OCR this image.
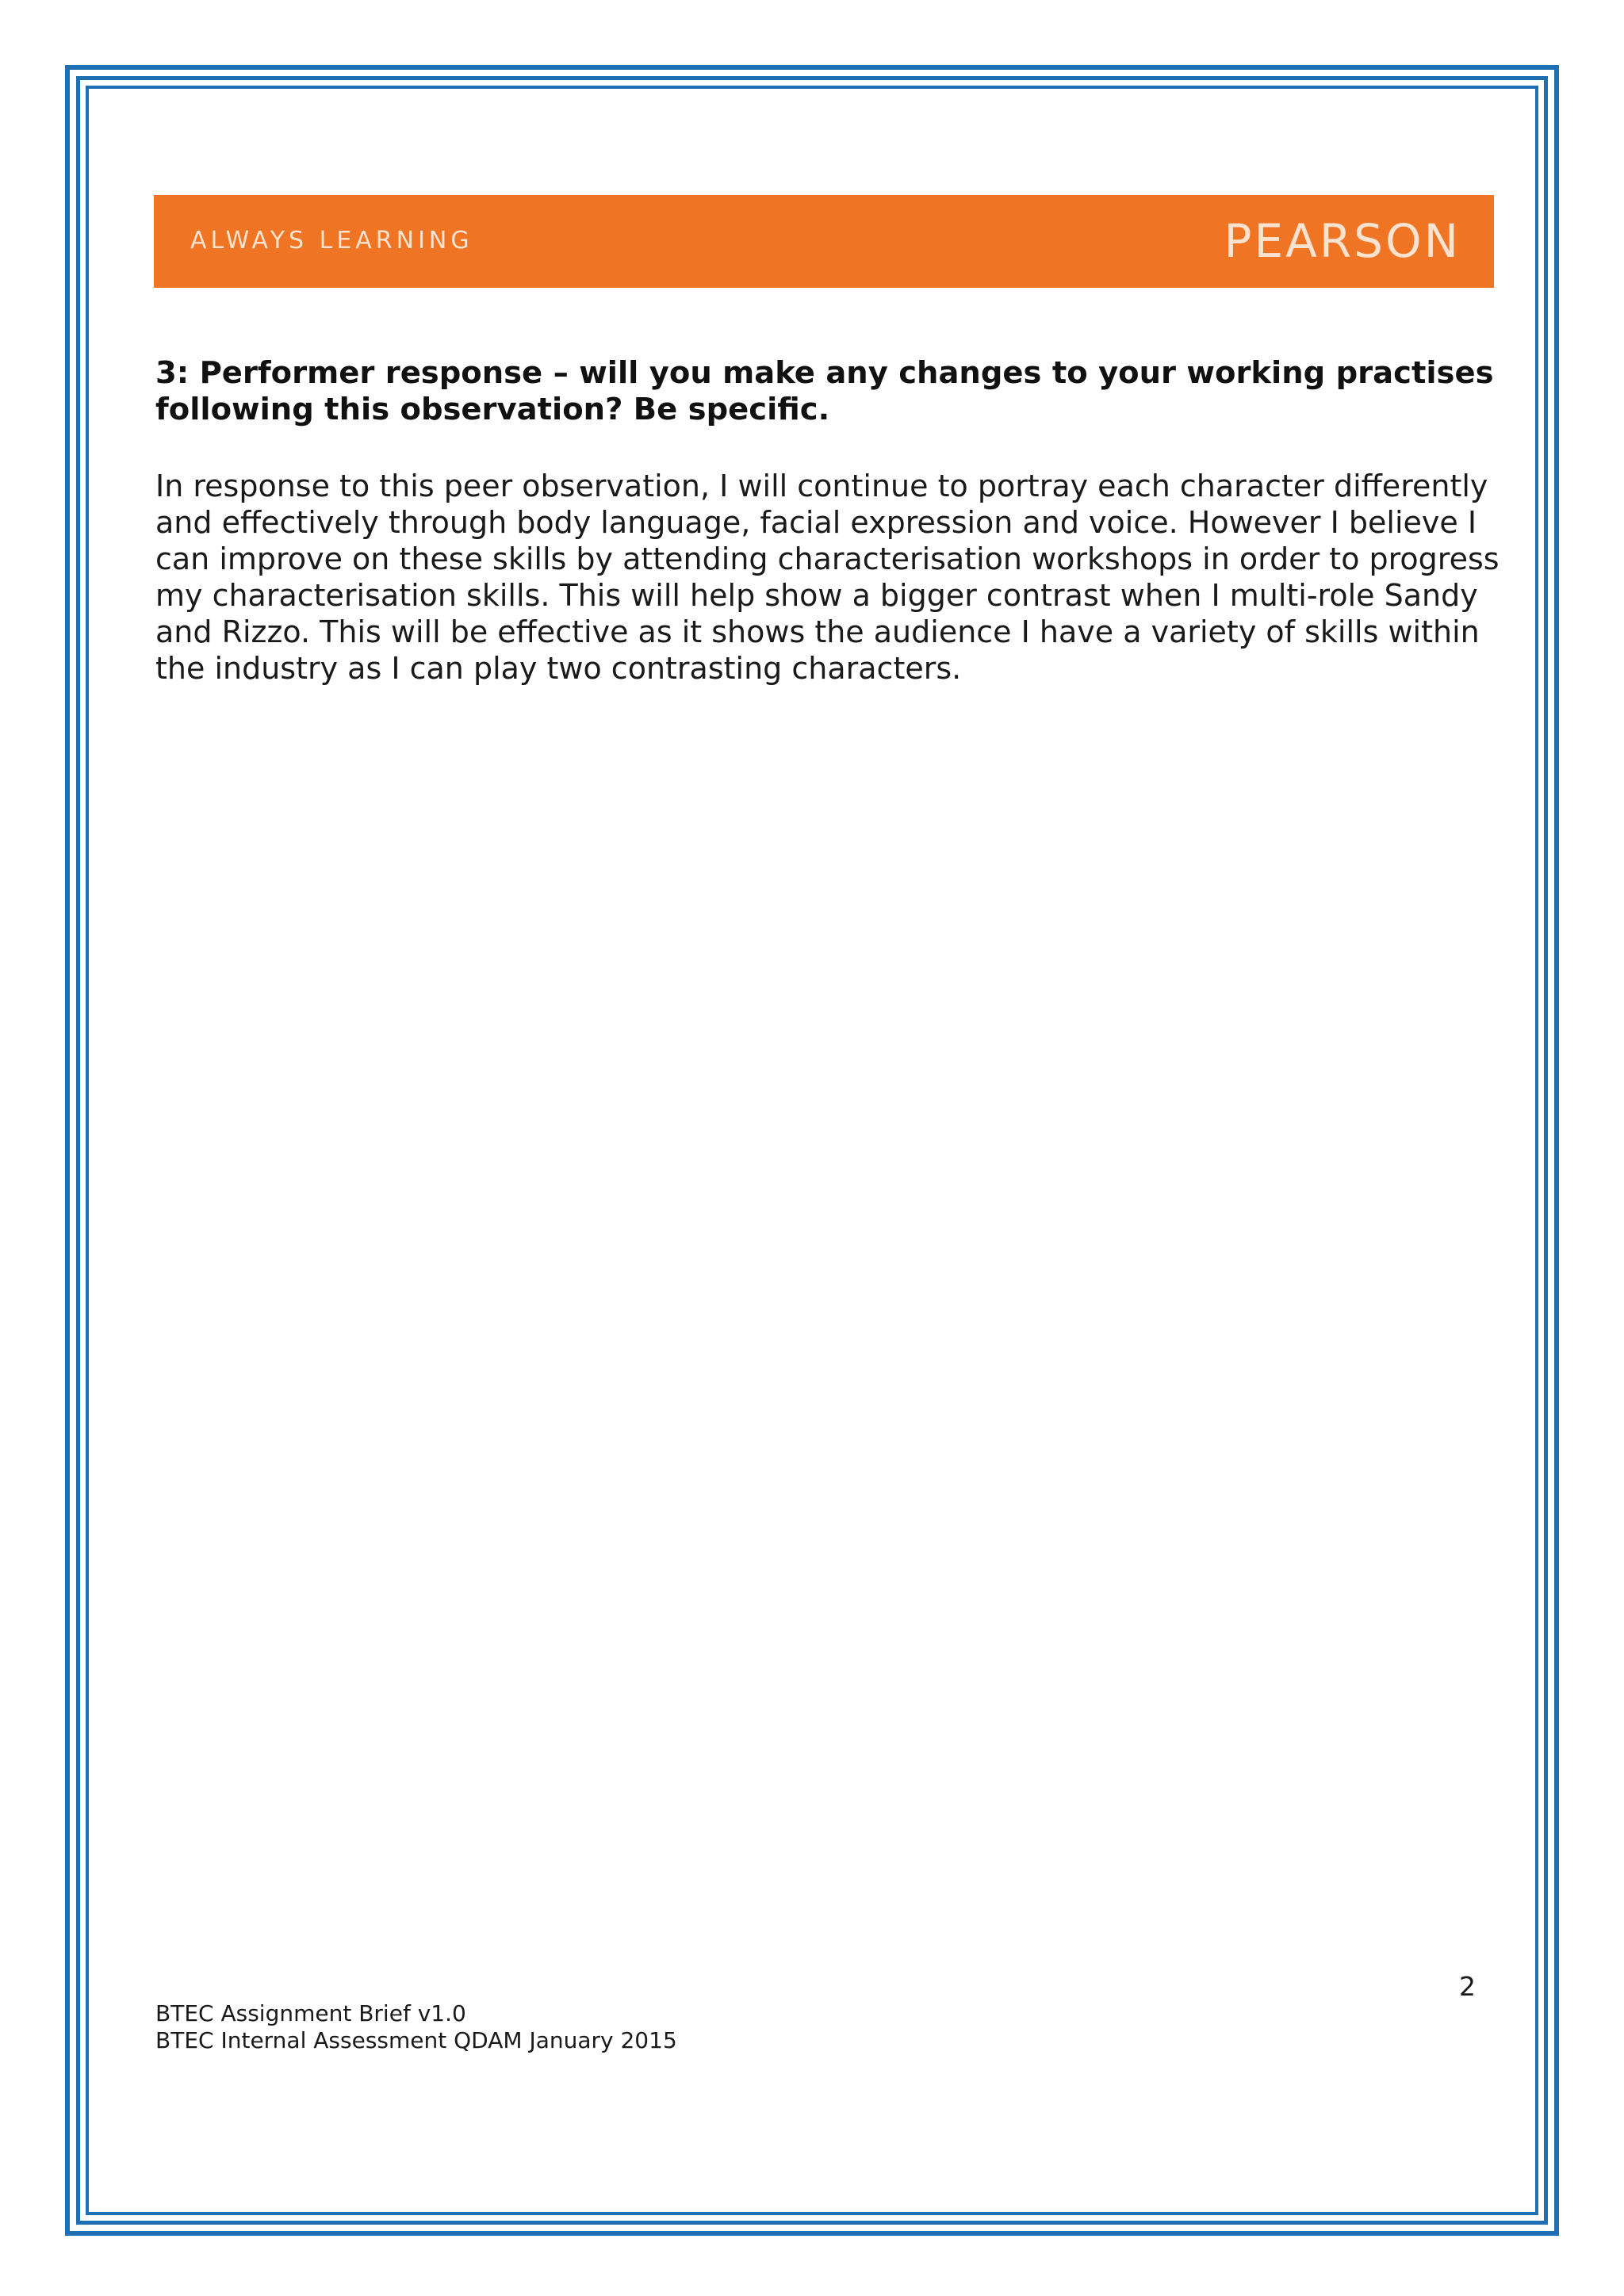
ALWAYS LEARNING	PEARSON

3: Performer response – will you make any changes to your working practises following this observation? Be specific.

In response to this peer observation, I will continue to portray each character differently and effectively through body language, facial expression and voice. However I believe I can improve on these skills by attending characterisation workshops in order to progress my characterisation skills. This will help show a bigger contrast when I multi-role Sandy and Rizzo. This will be effective as it shows the audience I have a variety of skills within the industry as I can play two contrasting characters.

2
BTEC Assignment Brief v1.0
BTEC Internal Assessment QDAM January 2015
